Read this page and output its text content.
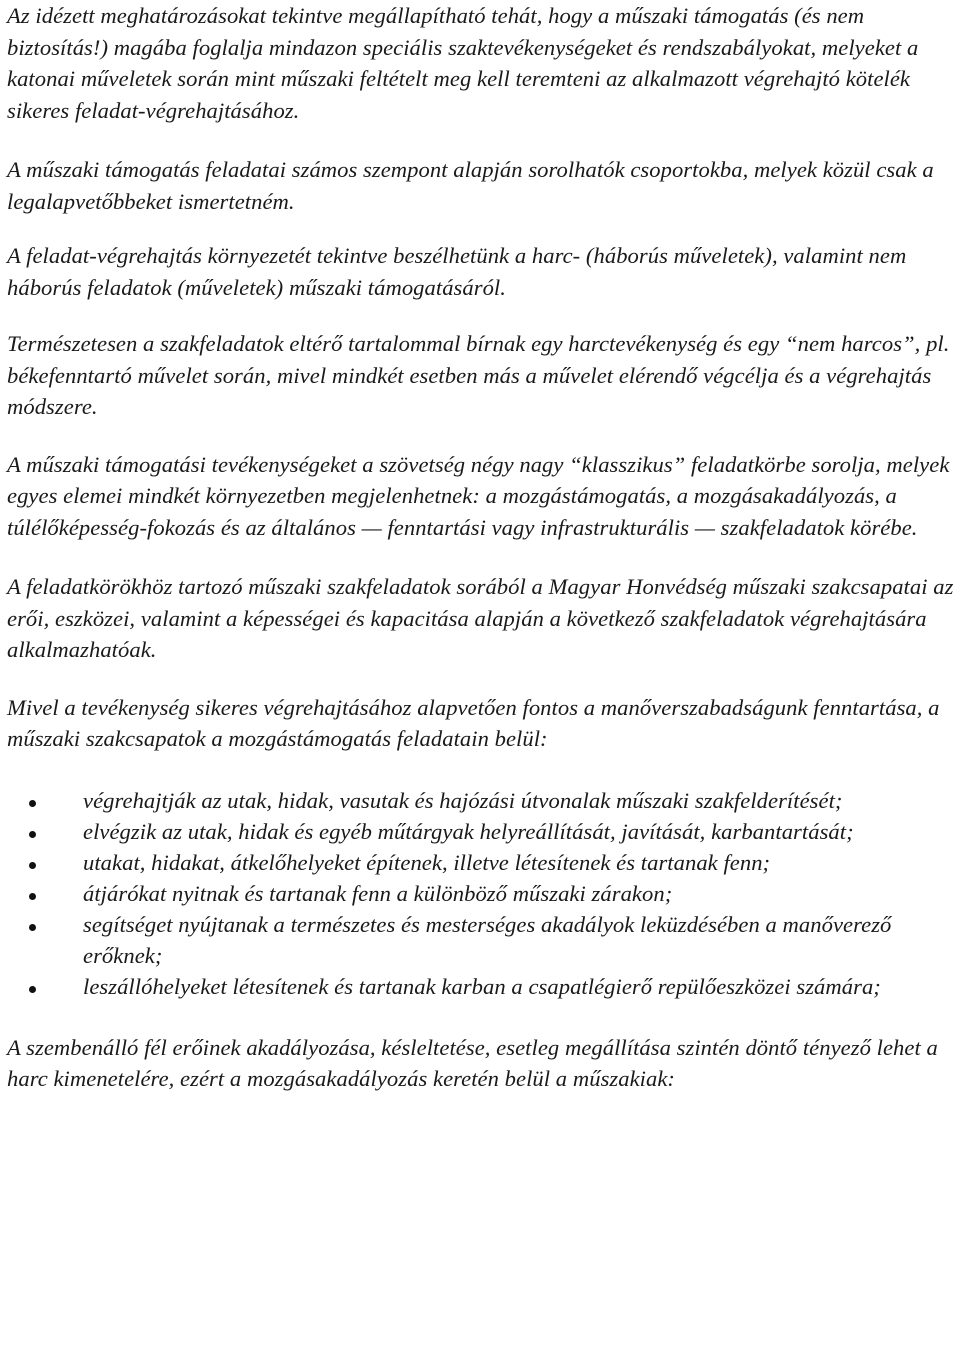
Az idézett meghatározásokat tekintve megállapítható tehát, hogy a műszaki támogatás (és nem biztosítás!) magába foglalja mindazon speciális szaktevékenységeket és rendszabályokat, melyeket a katonai műveletek során mint műszaki feltételt meg kell teremteni az alkalmazott végrehajtó kötelék sikeres feladat-végrehajtásához.

A műszaki támogatás feladatai számos szempont alapján sorolhatók csoportokba, melyek közül csak a legalapvetőbbeket ismertetném.

A feladat-végrehajtás környezetét tekintve beszélhetünk a harc- (háborús műveletek), valamint nem háborús feladatok (műveletek) műszaki támogatásáról.

Természetesen a szakfeladatok eltérő tartalommal bírnak egy harctevékenység és egy “nem harcos”, pl. békefenntartó művelet során, mivel mindkét esetben más a művelet elérendő végcélja és a végrehajtás módszere.

A műszaki támogatási tevékenységeket a szövetség négy nagy “klasszikus” feladatkörbe sorolja, melyek egyes elemei mindkét környezetben megjelenhetnek: a mozgástámogatás, a mozgásakadályozás, a túlélőképesség-fokozás és az általános — fenntartási vagy infrastrukturális — szakfeladatok körébe.

A feladatkörökhöz tartozó műszaki szakfeladatok sorából a Magyar Honvédség műszaki szakcsapatai az erői, eszközei, valamint a képességei és kapacitása alapján a következő szakfeladatok végrehajtására alkalmazhatóak.

Mivel a tevékenység sikeres végrehajtásához alapvetően fontos a manőverszabadságunk fenntartása, a műszaki szakcsapatok a mozgástámogatás feladatain belül:

végrehajtják az utak, hidak, vasutak és hajózási útvonalak műszaki szakfelderítését;
elvégzik az utak, hidak és egyéb műtárgyak helyreállítását, javítását, karbantartását;
utakat, hidakat, átkelőhelyeket építenek, illetve létesítenek és tartanak fenn;
átjárókat nyitnak és tartanak fenn a különböző műszaki zárakon;
segítséget nyújtanak a természetes és mesterséges akadályok leküzdésében a manőverező erőknek;
leszállóhelyeket létesítenek és tartanak karban a csapatlégierő repülőeszközei számára;

A szembenálló fél erőinek akadályozása, késleltetése, esetleg megállítása szintén döntő tényező lehet a harc kimenetelére, ezért a mozgásakadályozás keretén belül a műszakiak:
